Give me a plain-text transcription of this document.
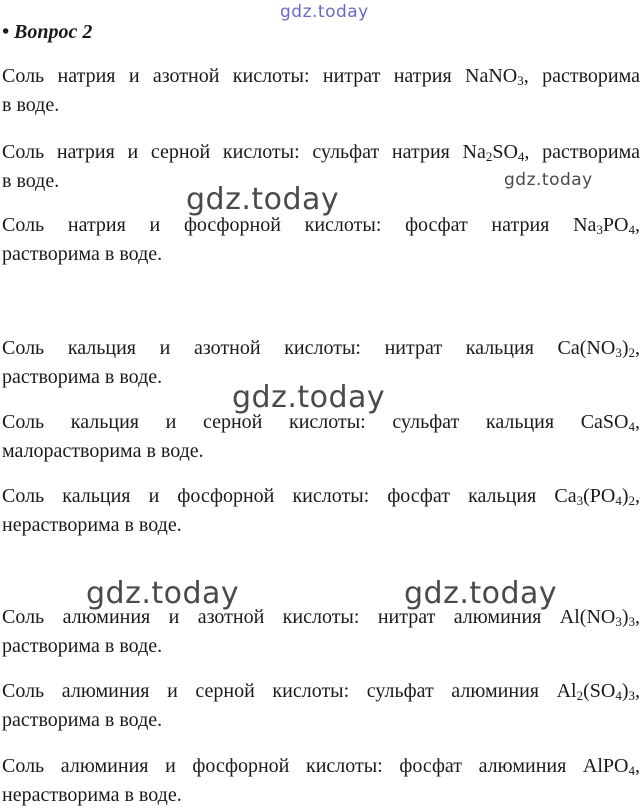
gdz.today
• Вопрос 2
Соль натрия и азотной кислоты: нитрат натрия NaNO$_3$, растворима
в воде.
Соль натрия и серной кислоты: сульфат натрия $Na_2SO_4$, растворима
в воде.
Соль натрия и фосфорной кислоты: фосфат натрия $Na_3PO_4$,
растворима в воде.
Соль кальция и азотной кислоты: нитрат кальция $Ca(NO_3)_2$,
растворима в воде.
Соль кальция и серной кислоты: сульфат кальция CaSO$_4$,
малорастворима в воде.
Соль кальция и фосфорной кислоты: фосфат кальция $Ca_3(PO_4)_2$,
нерастворима в воде.
Соль алюминия и азотной кислоты: нитрат алюминия $Al(NO_3)_3$,
растворима в воде.
Соль алюминия и серной кислоты: сульфат алюминия $Al_2(SO_4)_3$,
растворима в воде.
Соль алюминия и фосфорной кислоты: фосфат алюминия AlPO$_4$,
нерастворима в воде.
gdz.today
gdz.today
gdz.today
gdz.today	gdz.today
